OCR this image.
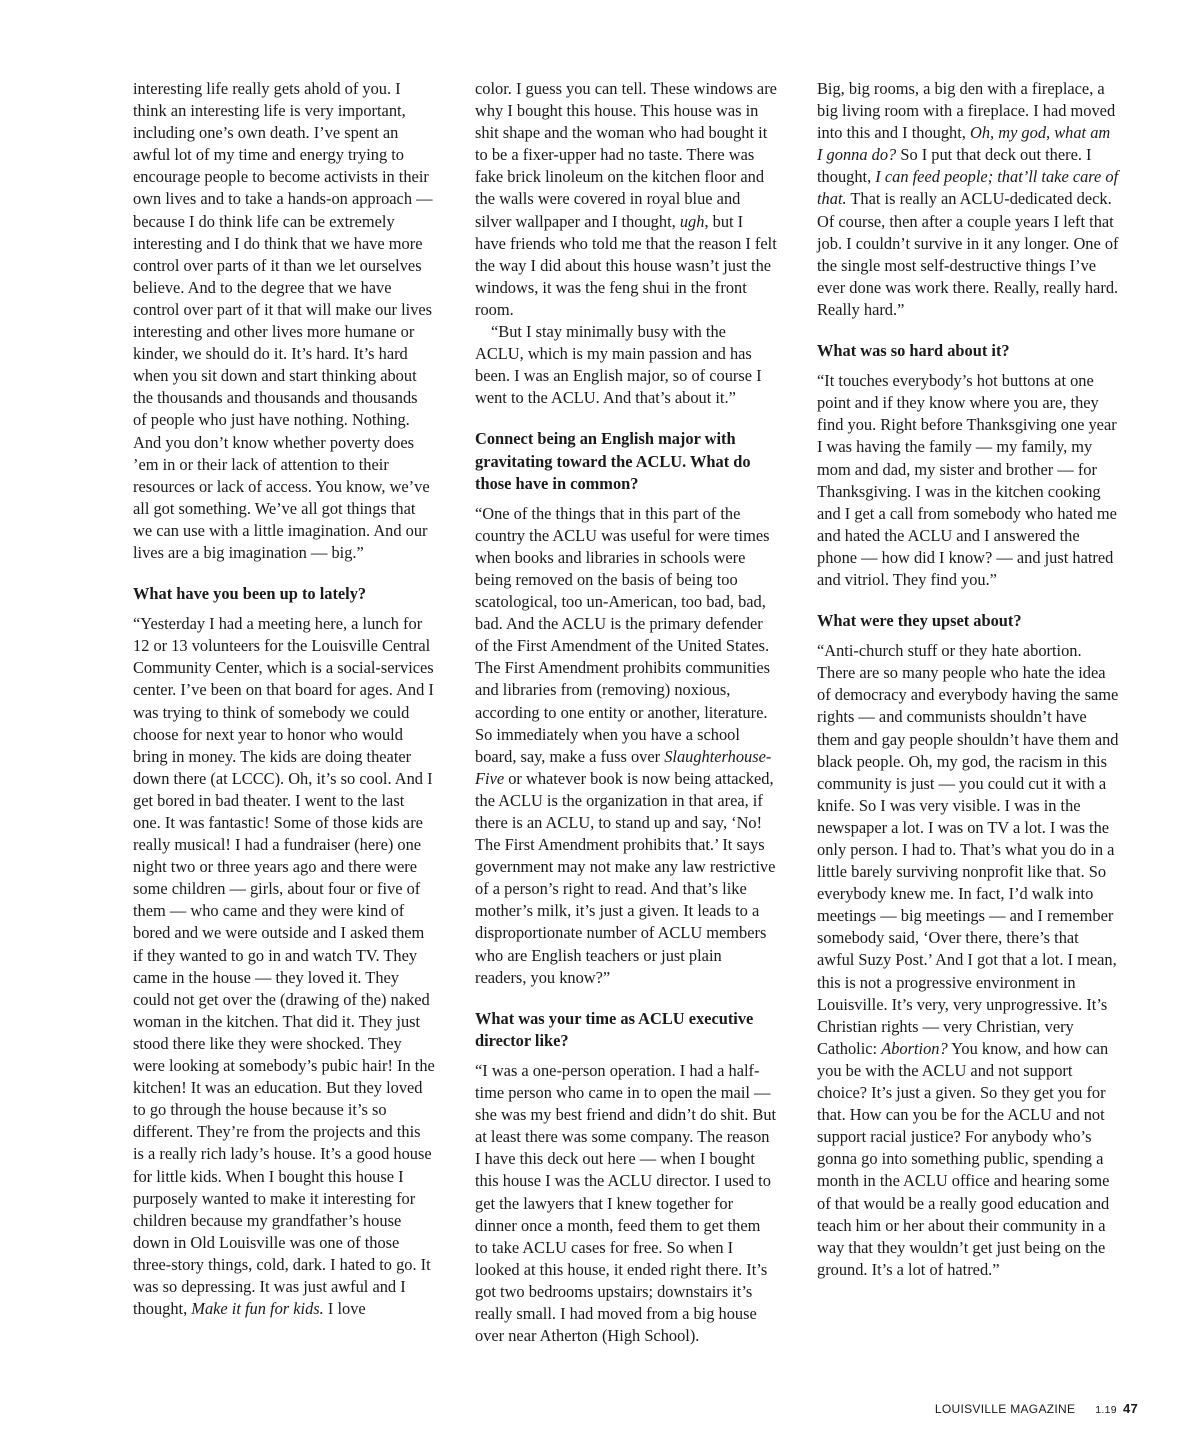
interesting life really gets ahold of you. I think an interesting life is very important, including one’s own death. I’ve spent an awful lot of my time and energy trying to encourage people to become activists in their own lives and to take a hands-on approach — because I do think life can be extremely interesting and I do think that we have more control over parts of it than we let ourselves believe. And to the degree that we have control over part of it that will make our lives interesting and other lives more humane or kinder, we should do it. It’s hard. It’s hard when you sit down and start thinking about the thousands and thousands and thousands of people who just have nothing. Nothing. And you don’t know whether poverty does ’em in or their lack of attention to their resources or lack of access. You know, we’ve all got something. We’ve all got things that we can use with a little imagination. And our lives are a big imagination — big.”

What have you been up to lately?

“Yesterday I had a meeting here, a lunch for 12 or 13 volunteers for the Louisville Central Community Center, which is a social-services center. I’ve been on that board for ages. And I was trying to think of somebody we could choose for next year to honor who would bring in money. The kids are doing theater down there (at LCCC). Oh, it’s so cool. And I get bored in bad theater. I went to the last one. It was fantastic! Some of those kids are really musical! I had a fundraiser (here) one night two or three years ago and there were some children — girls, about four or five of them — who came and they were kind of bored and we were outside and I asked them if they wanted to go in and watch TV. They came in the house — they loved it. They could not get over the (drawing of the) naked woman in the kitchen. That did it. They just stood there like they were shocked. They were looking at somebody’s pubic hair! In the kitchen! It was an education. But they loved to go through the house because it’s so different. They’re from the projects and this is a really rich lady’s house. It’s a good house for little kids. When I bought this house I purposely wanted to make it interesting for children because my grandfather’s house down in Old Louisville was one of those three-story things, cold, dark. I hated to go. It was so depressing. It was just awful and I thought, Make it fun for kids. I love

color. I guess you can tell. These windows are why I bought this house. This house was in shit shape and the woman who had bought it to be a fixer-upper had no taste. There was fake brick linoleum on the kitchen floor and the walls were covered in royal blue and silver wallpaper and I thought, ugh, but I have friends who told me that the reason I felt the way I did about this house wasn’t just the windows, it was the feng shui in the front room.

“But I stay minimally busy with the ACLU, which is my main passion and has been. I was an English major, so of course I went to the ACLU. And that’s about it.”

Connect being an English major with gravitating toward the ACLU. What do those have in common?

“One of the things that in this part of the country the ACLU was useful for were times when books and libraries in schools were being removed on the basis of being too scatological, too un-American, too bad, bad, bad. And the ACLU is the primary defender of the First Amendment of the United States. The First Amendment prohibits communities and libraries from (removing) noxious, according to one entity or another, literature. So immediately when you have a school board, say, make a fuss over Slaughterhouse-Five or whatever book is now being attacked, the ACLU is the organization in that area, if there is an ACLU, to stand up and say, ‘No! The First Amendment prohibits that.’ It says government may not make any law restrictive of a person’s right to read. And that’s like mother’s milk, it’s just a given. It leads to a disproportionate number of ACLU members who are English teachers or just plain readers, you know?”

What was your time as ACLU executive director like?

“I was a one-person operation. I had a half-time person who came in to open the mail — she was my best friend and didn’t do shit. But at least there was some company. The reason I have this deck out here — when I bought this house I was the ACLU director. I used to get the lawyers that I knew together for dinner once a month, feed them to get them to take ACLU cases for free. So when I looked at this house, it ended right there. It’s got two bedrooms upstairs; downstairs it’s really small. I had moved from a big house over near Atherton (High School).

Big, big rooms, a big den with a fireplace, a big living room with a fireplace. I had moved into this and I thought, Oh, my god, what am I gonna do? So I put that deck out there. I thought, I can feed people; that’ll take care of that. That is really an ACLU-dedicated deck. Of course, then after a couple years I left that job. I couldn’t survive in it any longer. One of the single most self-destructive things I’ve ever done was work there. Really, really hard. Really hard.”

What was so hard about it?

“It touches everybody’s hot buttons at one point and if they know where you are, they find you. Right before Thanksgiving one year I was having the family — my family, my mom and dad, my sister and brother — for Thanksgiving. I was in the kitchen cooking and I get a call from somebody who hated me and hated the ACLU and I answered the phone — how did I know? — and just hatred and vitriol. They find you.”

What were they upset about?

“Anti-church stuff or they hate abortion. There are so many people who hate the idea of democracy and everybody having the same rights — and communists shouldn’t have them and gay people shouldn’t have them and black people. Oh, my god, the racism in this community is just — you could cut it with a knife. So I was very visible. I was in the newspaper a lot. I was on TV a lot. I was the only person. I had to. That’s what you do in a little barely surviving nonprofit like that. So everybody knew me. In fact, I’d walk into meetings — big meetings — and I remember somebody said, ‘Over there, there’s that awful Suzy Post.’ And I got that a lot. I mean, this is not a progressive environment in Louisville. It’s very, very unprogressive. It’s Christian rights — very Christian, very Catholic: Abortion? You know, and how can you be with the ACLU and not support choice? It’s just a given. So they get you for that. How can you be for the ACLU and not support racial justice? For anybody who’s gonna go into something public, spending a month in the ACLU office and hearing some of that would be a really good education and teach him or her about their community in a way that they wouldn’t get just being on the ground. It’s a lot of hatred.”

LOUISVILLE MAGAZINE 1.19 47
